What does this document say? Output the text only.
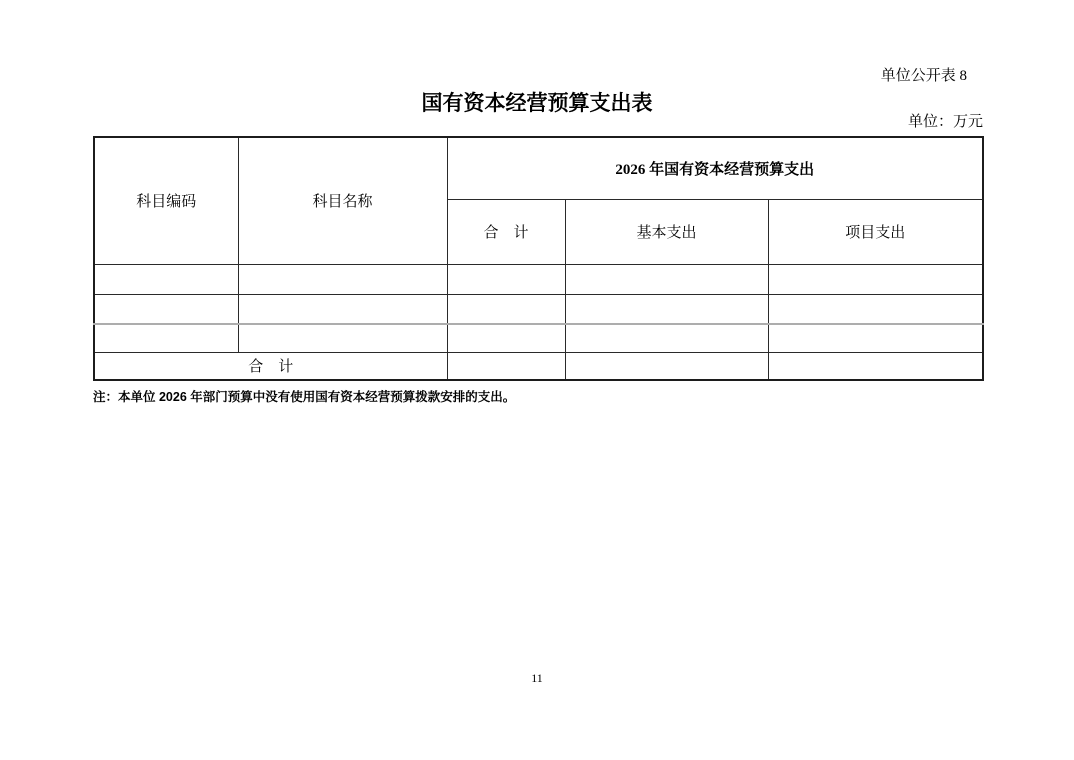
单位公开表 8
国有资本经营预算支出表
单位：万元
科目编码	科目名称	2026 年国有资本经营预算支出		
		合　计	基本支出	项目支出

合　计				
注：本单位 2026 年部门预算中没有使用国有资本经营预算拨款安排的支出。
11
